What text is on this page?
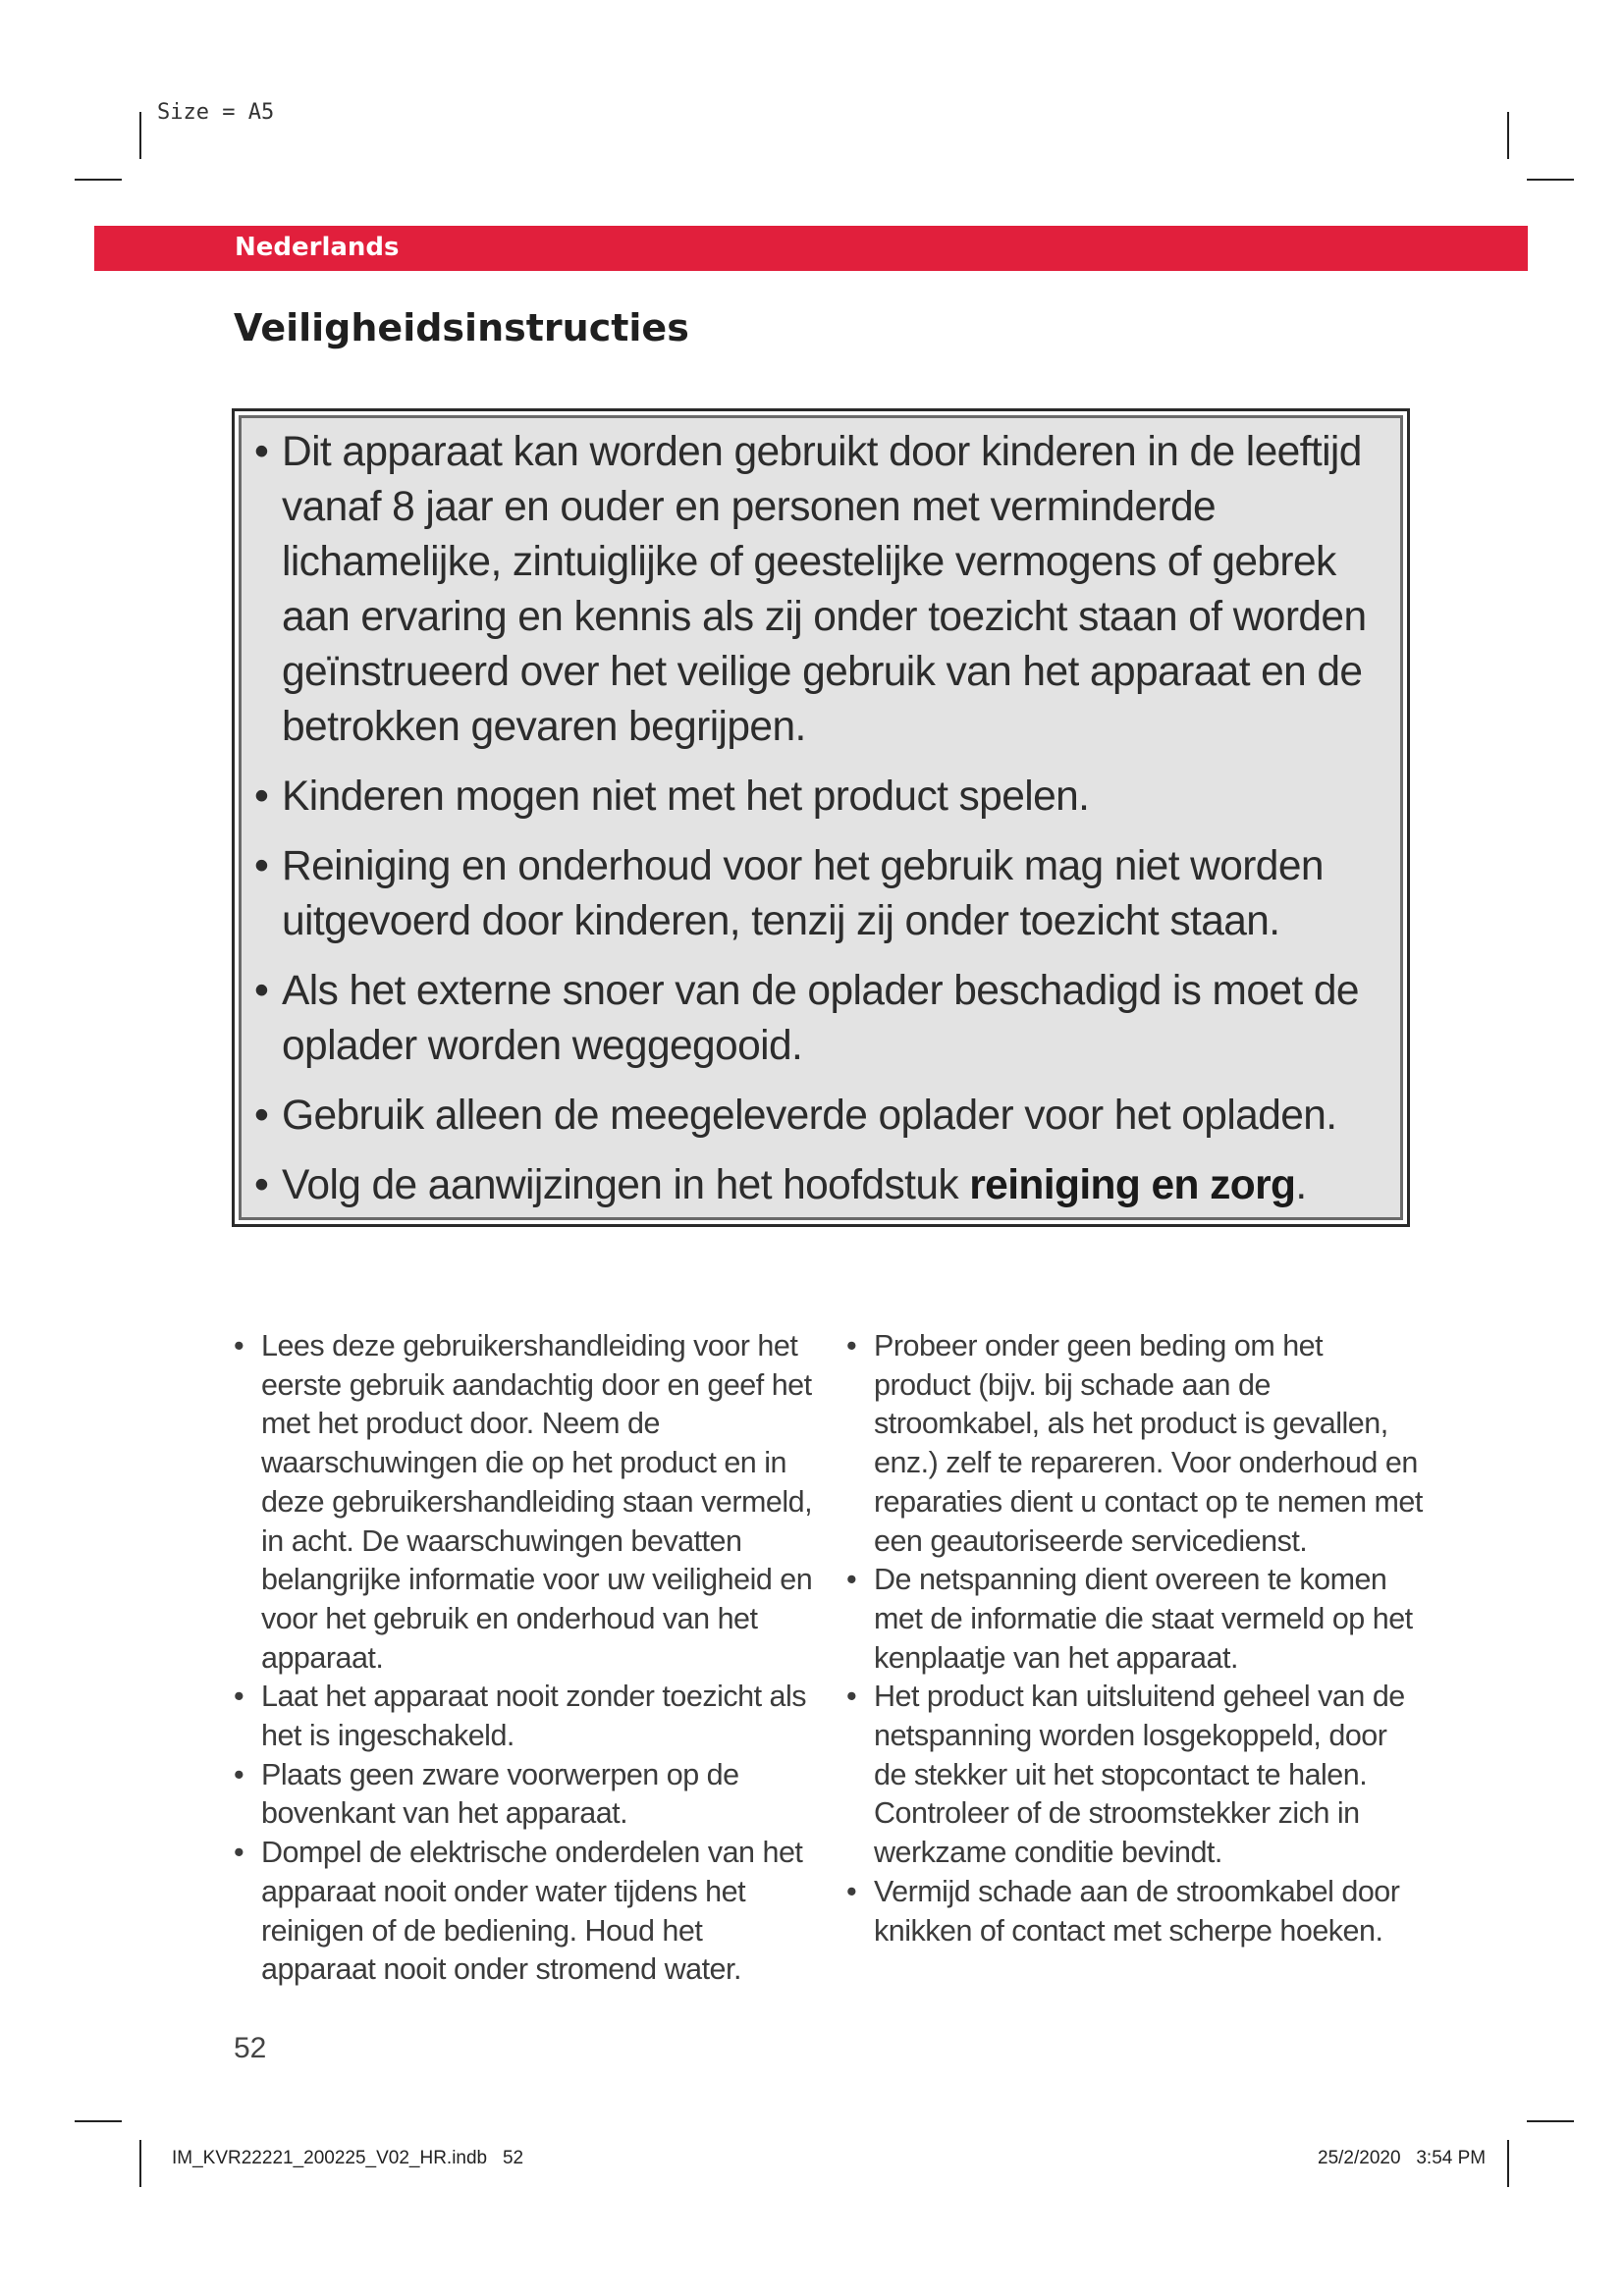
Size = A5
Nederlands
Veiligheidsinstructies
• Dit apparaat kan worden gebruikt door kinderen in de leeftijd vanaf 8 jaar en ouder en personen met verminderde lichamelijke, zintuiglijke of geestelijke vermogens of gebrek aan ervaring en kennis als zij onder toezicht staan of worden geïnstrueerd over het veilige gebruik van het apparaat en de betrokken gevaren begrijpen.
• Kinderen mogen niet met het product spelen.
• Reiniging en onderhoud voor het gebruik mag niet worden uitgevoerd door kinderen, tenzij zij onder toezicht staan.
• Als het externe snoer van de oplader beschadigd is moet de oplader worden weggegooid.
• Gebruik alleen de meegeleverde oplader voor het opladen.
• Volg de aanwijzingen in het hoofdstuk reiniging en zorg.
• Lees deze gebruikershandleiding voor het eerste gebruik aandachtig door en geef het met het product door. Neem de waarschuwingen die op het product en in deze gebruikershandleiding staan vermeld, in acht. De waarschuwingen bevatten belangrijke informatie voor uw veiligheid en voor het gebruik en onderhoud van het apparaat.
• Laat het apparaat nooit zonder toezicht als het is ingeschakeld.
• Plaats geen zware voorwerpen op de bovenkant van het apparaat.
• Dompel de elektrische onderdelen van het apparaat nooit onder water tijdens het reinigen of de bediening. Houd het apparaat nooit onder stromend water.
• Probeer onder geen beding om het product (bijv. bij schade aan de stroomkabel, als het product is gevallen, enz.) zelf te repareren. Voor onderhoud en reparaties dient u contact op te nemen met een geautoriseerde servicedienst.
• De netspanning dient overeen te komen met de informatie die staat vermeld op het kenplaatje van het apparaat.
• Het product kan uitsluitend geheel van de netspanning worden losgekoppeld, door de stekker uit het stopcontact te halen. Controleer of de stroomstekker zich in werkzame conditie bevindt.
• Vermijd schade aan de stroomkabel door knikken of contact met scherpe hoeken.
52
IM_KVR22221_200225_V02_HR.indb   52	25/2/2020   3:54 PM
